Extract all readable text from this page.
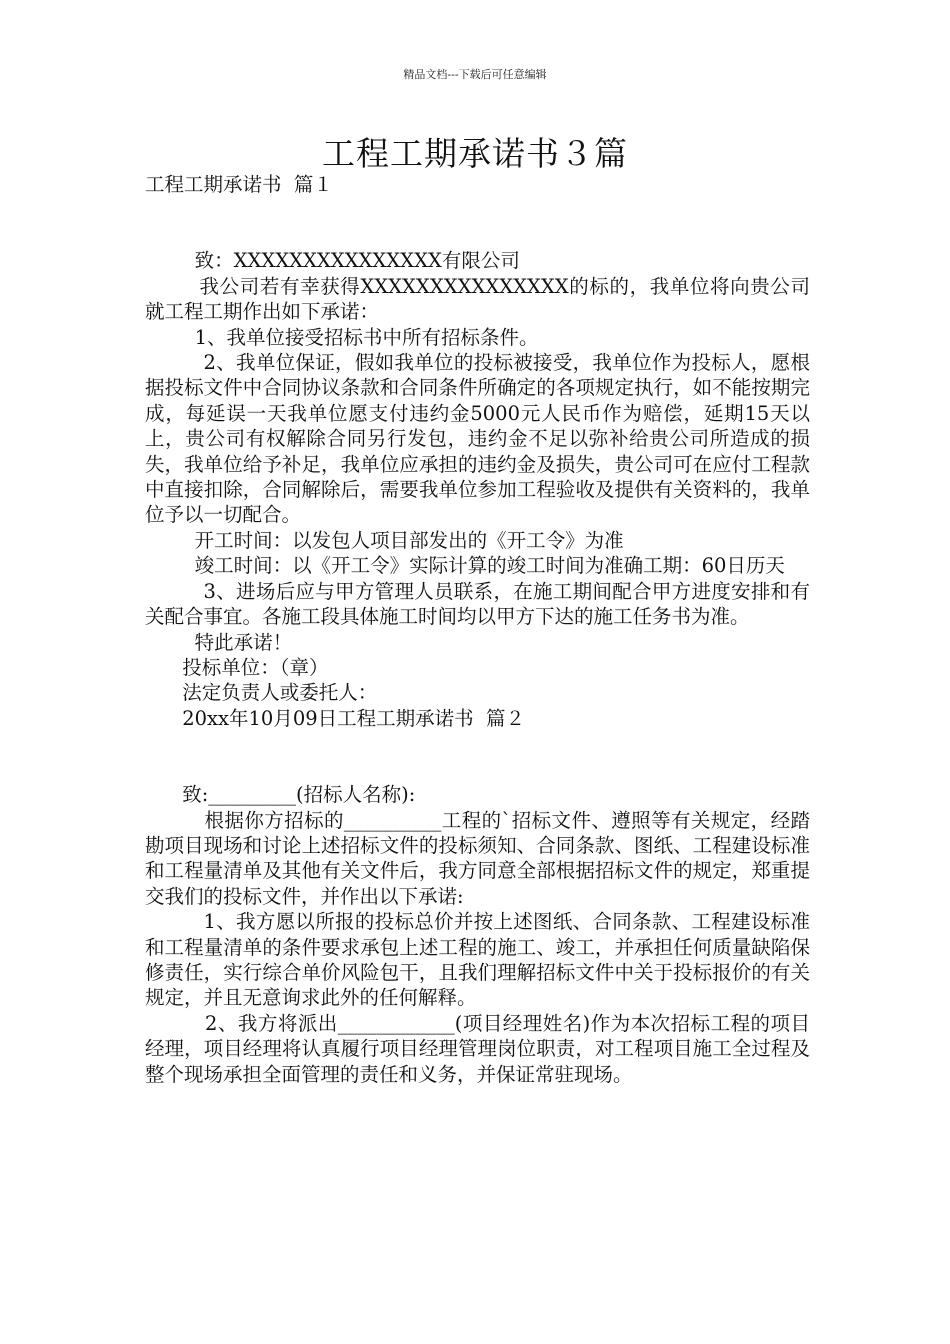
精品文档---下载后可任意编辑
工程工期承诺书３篇

工程工期承诺书  篇１

致：XXXXXXXXXXXXXXX有限公司

我公司若有幸获得XXXXXXXXXXXXXXX的标的，我单位将向贵公司就工程工期作出如下承诺：

1、我单位接受招标书中所有招标条件。

2、我单位保证，假如我单位的投标被接受，我单位作为投标人，愿根据投标文件中合同协议条款和合同条件所确定的各项规定执行，如不能按期完成，每延误一天我单位愿支付违约金5000元人民币作为赔偿，延期15天以上，贵公司有权解除合同另行发包，违约金不足以弥补给贵公司所造成的损失，我单位给予补足，我单位应承担的违约金及损失，贵公司可在应付工程款中直接扣除，合同解除后，需要我单位参加工程验收及提供有关资料的，我单位予以一切配合。

开工时间：以发包人项目部发出的《开工令》为准

竣工时间：以《开工令》实际计算的竣工时间为准确工期：60日历天

3、进场后应与甲方管理人员联系，在施工期间配合甲方进度安排和有关配合事宜。各施工段具体施工时间均以甲方下达的施工任务书为准。

特此承诺！

投标单位：（章）

法定负责人或委托人：

20xx年10月09日工程工期承诺书  篇２

致:_________(招标人名称):

根据你方招标的__________工程的`招标文件、遵照等有关规定，经踏勘项目现场和讨论上述招标文件的投标须知、合同条款、图纸、工程建设标准和工程量清单及其他有关文件后，我方同意全部根据招标文件的规定，郑重提交我们的投标文件，并作出以下承诺:

1、我方愿以所报的投标总价并按上述图纸、合同条款、工程建设标准和工程量清单的条件要求承包上述工程的施工、竣工，并承担任何质量缺陷保修责任，实行综合单价风险包干，且我们理解招标文件中关于投标报价的有关规定，并且无意询求此外的任何解释。

2、我方将派出____________(项目经理姓名)作为本次招标工程的项目经理，项目经理将认真履行项目经理管理岗位职责，对工程项目施工全过程及整个现场承担全面管理的责任和义务，并保证常驻现场。
